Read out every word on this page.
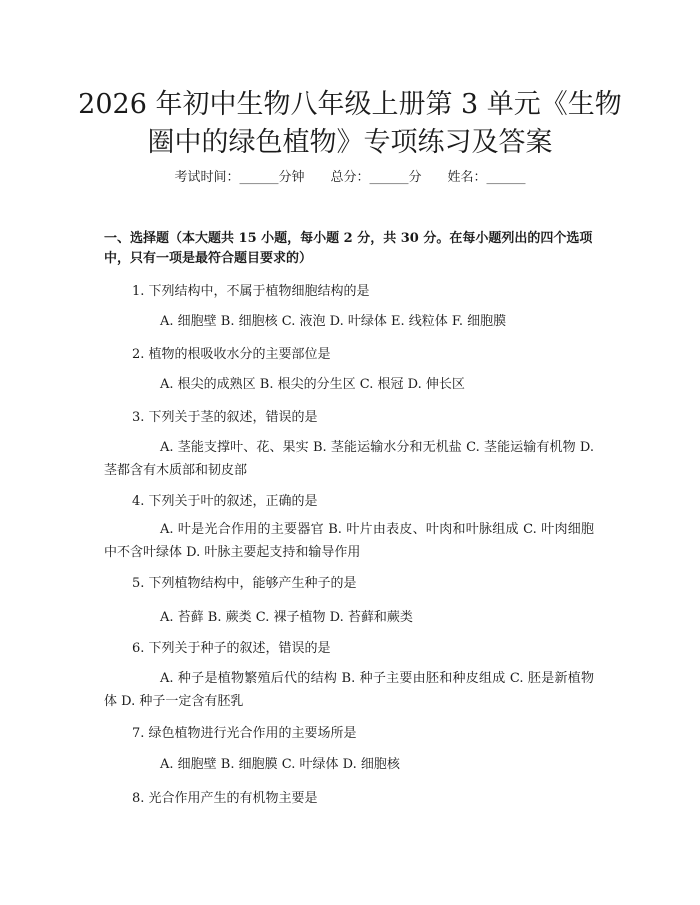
2026 年初中生物八年级上册第 3 单元《生物
圈中的绿色植物》专项练习及答案
考试时间：______分钟 总分：______分 姓名：______
一、选择题（本大题共 15 小题，每小题 2 分，共 30 分。在每小题列出的四个选项中，只有一项是最符合题目要求的）
1. 下列结构中，不属于植物细胞结构的是
A. 细胞壁 B. 细胞核 C. 液泡 D. 叶绿体 E. 线粒体 F. 细胞膜
2. 植物的根吸收水分的主要部位是
A. 根尖的成熟区 B. 根尖的分生区 C. 根冠 D. 伸长区
3. 下列关于茎的叙述，错误的是
A. 茎能支撑叶、花、果实 B. 茎能运输水分和无机盐 C. 茎能运输有机物 D. 茎都含有木质部和韧皮部
4. 下列关于叶的叙述，正确的是
A. 叶是光合作用的主要器官 B. 叶片由表皮、叶肉和叶脉组成 C. 叶肉细胞中不含叶绿体 D. 叶脉主要起支持和输导作用
5. 下列植物结构中，能够产生种子的是
A. 苔藓 B. 蕨类 C. 裸子植物 D. 苔藓和蕨类
6. 下列关于种子的叙述，错误的是
A. 种子是植物繁殖后代的结构 B. 种子主要由胚和种皮组成 C. 胚是新植物体 D. 种子一定含有胚乳
7. 绿色植物进行光合作用的主要场所是
A. 细胞壁 B. 细胞膜 C. 叶绿体 D. 细胞核
8. 光合作用产生的有机物主要是
